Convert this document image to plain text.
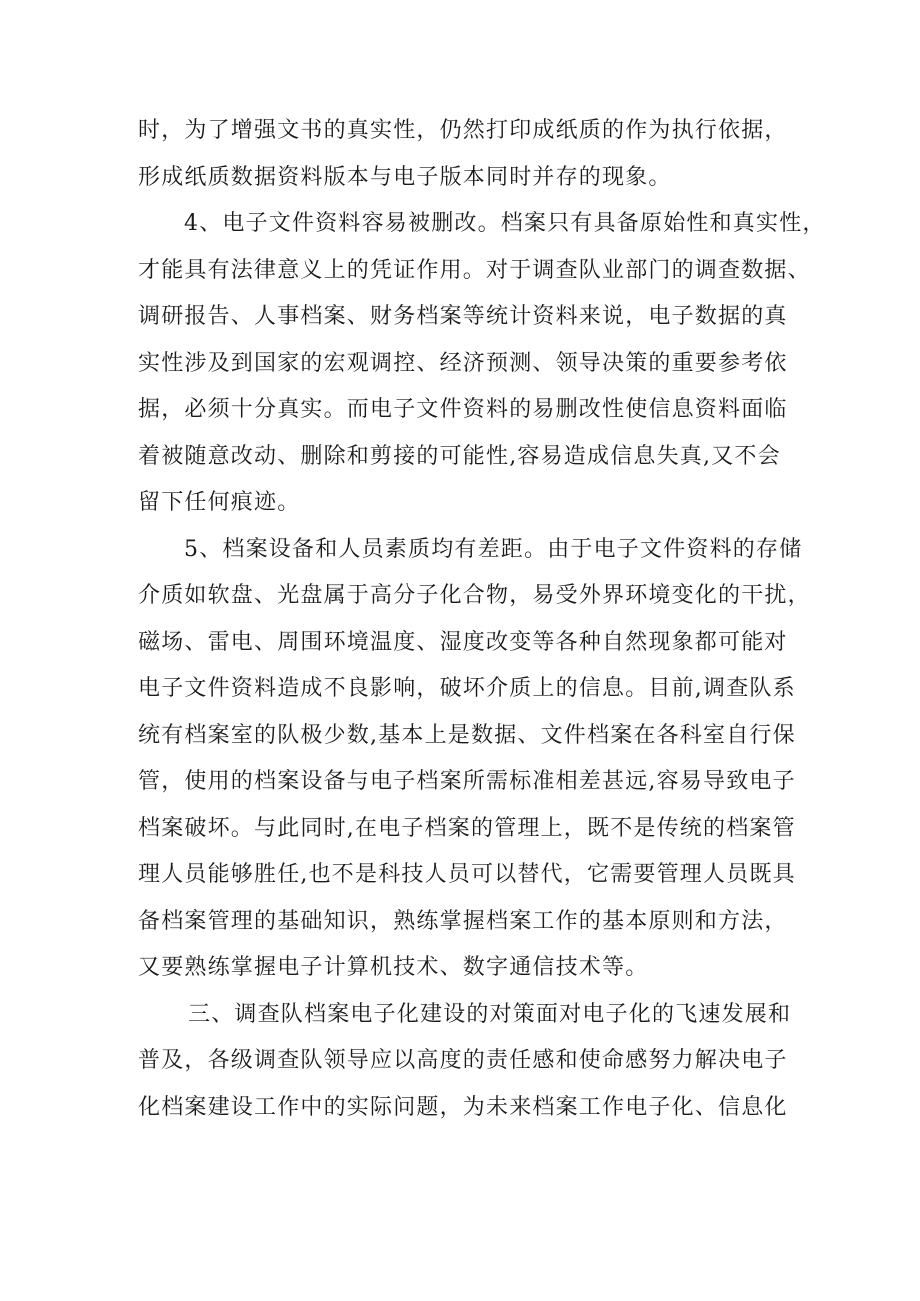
时，为了增强文书的真实性，仍然打印成纸质的作为执行依据，
形成纸质数据资料版本与电子版本同时并存的现象。
4、电子文件资料容易被删改。档案只有具备原始性和真实性，
才能具有法律意义上的凭证作用。对于调查队业部门的调查数据、
调研报告、人事档案、财务档案等统计资料来说，电子数据的真
实性涉及到国家的宏观调控、经济预测、领导决策的重要参考依
据，必须十分真实。而电子文件资料的易删改性使信息资料面临
着被随意改动、删除和剪接的可能性,容易造成信息失真,又不会
留下任何痕迹。
5、档案设备和人员素质均有差距。由于电子文件资料的存储
介质如软盘、光盘属于高分子化合物，易受外界环境变化的干扰，
磁场、雷电、周围环境温度、湿度改变等各种自然现象都可能对
电子文件资料造成不良影响，破坏介质上的信息。目前,调查队系
统有档案室的队极少数,基本上是数据、文件档案在各科室自行保
管，使用的档案设备与电子档案所需标准相差甚远,容易导致电子
档案破坏。与此同时,在电子档案的管理上，既不是传统的档案管
理人员能够胜任,也不是科技人员可以替代，它需要管理人员既具
备档案管理的基础知识，熟练掌握档案工作的基本原则和方法，
又要熟练掌握电子计算机技术、数字通信技术等。
三、调查队档案电子化建设的对策面对电子化的飞速发展和
普及，各级调查队领导应以高度的责任感和使命感努力解决电子
化档案建设工作中的实际问题，为未来档案工作电子化、信息化
